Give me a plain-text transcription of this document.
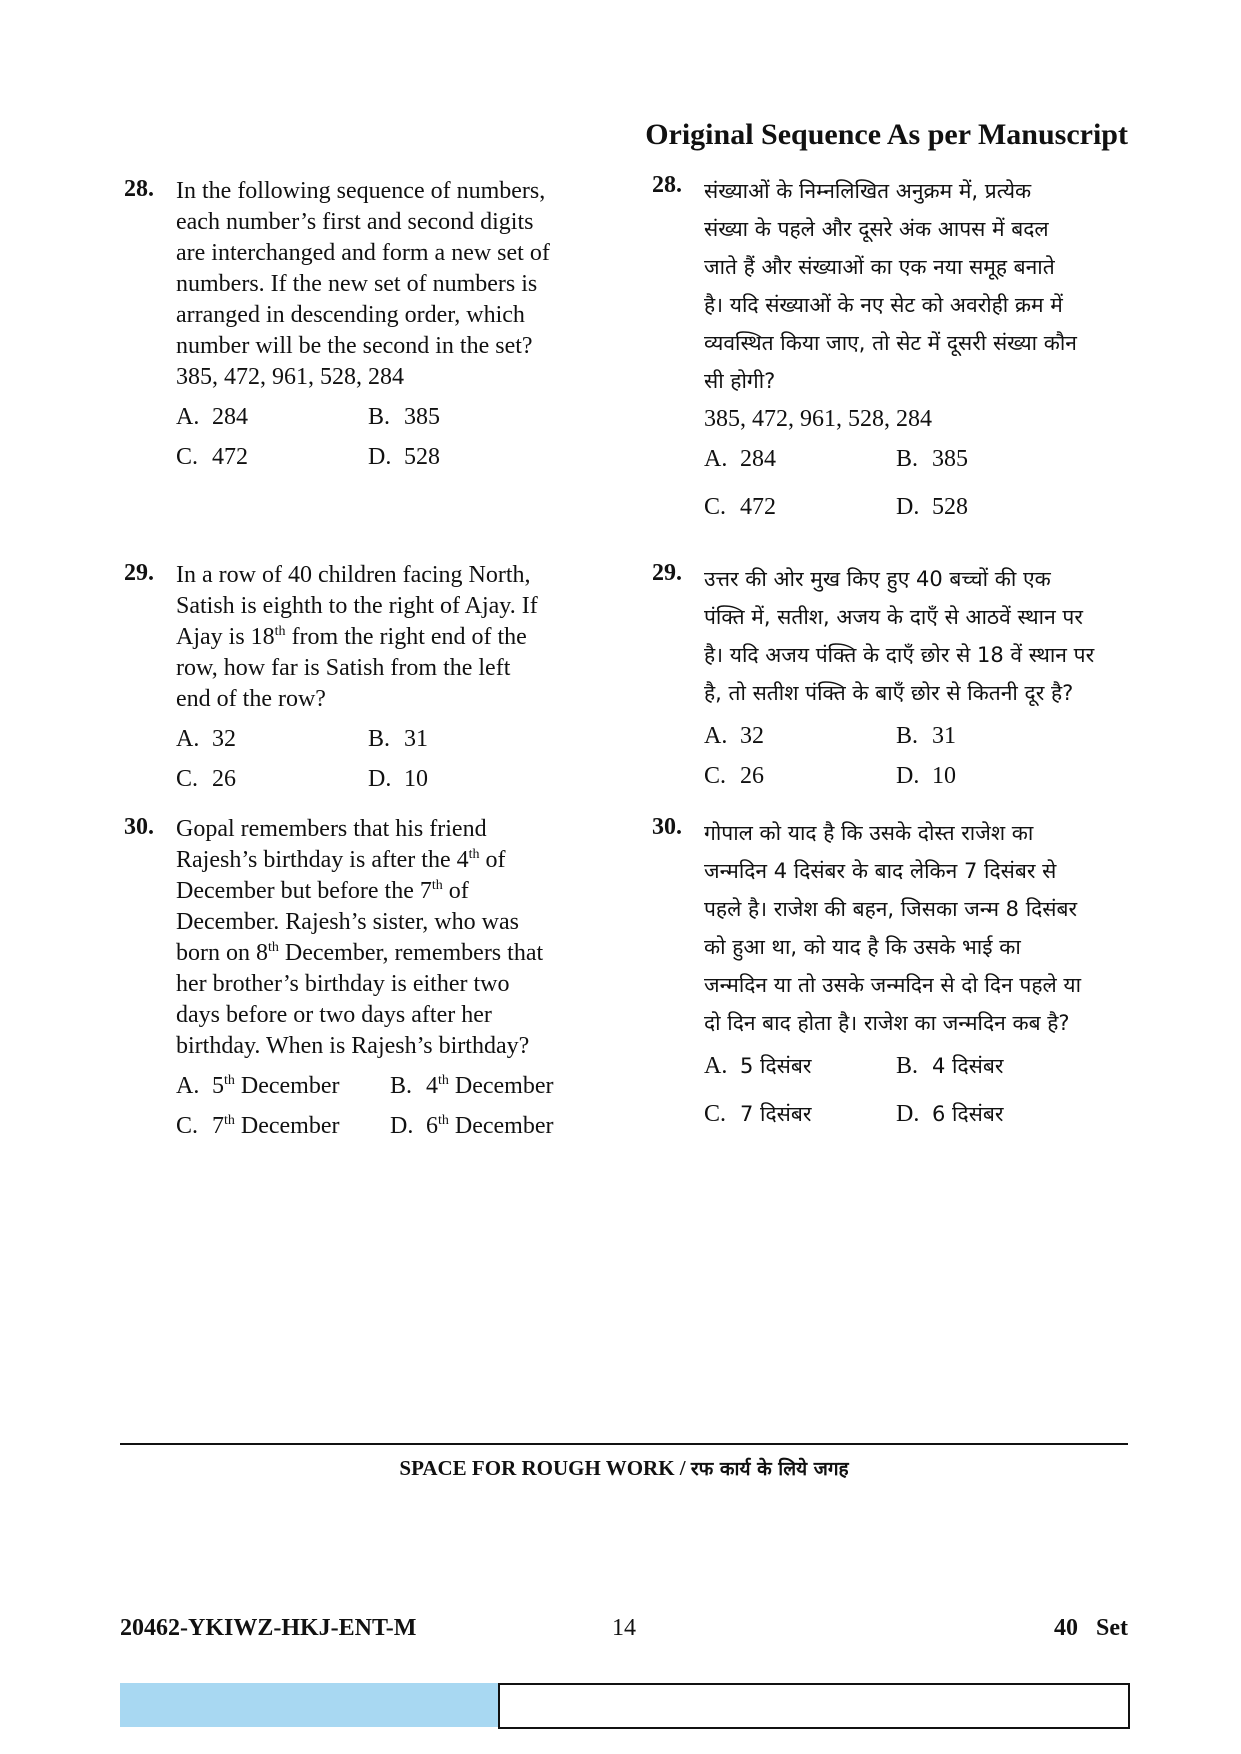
Original Sequence As per Manuscript
28. In the following sequence of numbers,
each number’s first and second digits
are interchanged and form a new set of
numbers. If the new set of numbers is
arranged in descending order, which
number will be the second in the set?
385, 472, 961, 528, 284
A. 284	B. 385
C. 472	D. 528
29. In a row of 40 children facing North,
Satish is eighth to the right of Ajay. If
Ajay is 18th from the right end of the
row, how far is Satish from the left
end of the row?
A. 32	B. 31
C. 26	D. 10
30. Gopal remembers that his friend
Rajesh’s birthday is after the 4th of
December but before the 7th of
December. Rajesh’s sister, who was
born on 8th December, remembers that
her brother’s birthday is either two
days before or two days after her
birthday. When is Rajesh’s birthday?
A. 5th December	B. 4th December
C. 7th December	D. 6th December
28. संख्याओं के निम्नलिखित अनुक्रम में, प्रत्येक
संख्या के पहले और दूसरे अंक आपस में बदल
जाते हैं और संख्याओं का एक नया समूह बनाते
है। यदि संख्याओं के नए सेट को अवरोही क्रम में
व्यवस्थित किया जाए, तो सेट में दूसरी संख्या कौन
सी होगी?
385, 472, 961, 528, 284
A. 284	B. 385
C. 472	D. 528
29. उत्तर की ओर मुख किए हुए 40 बच्चों की एक
पंक्ति में, सतीश, अजय के दाएँ से आठवें स्थान पर
है। यदि अजय पंक्ति के दाएँ छोर से 18 वें स्थान पर
है, तो सतीश पंक्ति के बाएँ छोर से कितनी दूर है?
A. 32	B. 31
C. 26	D. 10
30. गोपाल को याद है कि उसके दोस्त राजेश का
जन्मदिन 4 दिसंबर के बाद लेकिन 7 दिसंबर से
पहले है। राजेश की बहन, जिसका जन्म 8 दिसंबर
को हुआ था, को याद है कि उसके भाई का
जन्मदिन या तो उसके जन्मदिन से दो दिन पहले या
दो दिन बाद होता है। राजेश का जन्मदिन कब है?
A. 5 दिसंबर	B. 4 दिसंबर
C. 7 दिसंबर	D. 6 दिसंबर
SPACE FOR ROUGH WORK / रफ कार्य के लिये जगह
20462-YKIWZ-HKJ-ENT-M	14	40   Set
